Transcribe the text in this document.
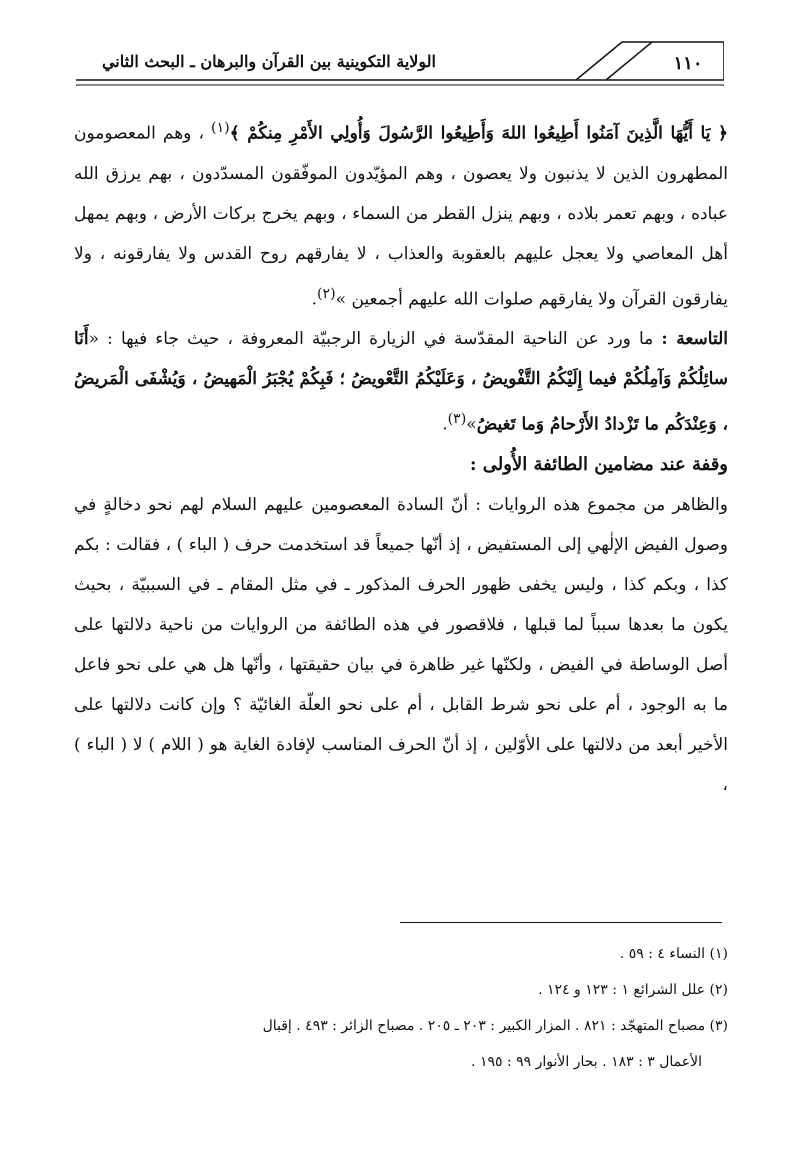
الولاية التكوينية بين القرآن والبرهان ـ البحث الثاني	١١٠

﴿ يَا أَيُّهَا الَّذِينَ آمَنُوا أَطِيعُوا اللهَ وَأَطِيعُوا الرَّسُولَ وَأُولِي الأَمْرِ مِنكُمْ ﴾$^{(١)}$ ، وهم المعصومون المطهرون الذين لا يذنبون ولا يعصون ، وهم المؤيّدون الموفّقون المسدّدون ، بهم يرزق الله عباده ، وبهم تعمر بلاده ، وبهم ينزل القطر من السماء ، وبهم يخرج بركات الأرض ، وبهم يمهل أهل المعاصي ولا يعجل عليهم بالعقوبة والعذاب ، لا يفارقهم روح القدس ولا يفارقونه ، ولا يفارقون القرآن ولا يفارقهم صلوات الله عليهم أجمعين »$^{(٢)}$.

التاسعة : ما ورد عن الناحية المقدّسة في الزيارة الرجبيّة المعروفة ، حيث جاء فيها : «أَنَا سائِلُكُمْ وَآمِلُكُمْ فيما إِلَيْكُمُ التَّفْويضُ ، وَعَلَيْكُمُ التَّعْويضُ ؛ فَبِكُمْ يُجْبَرُ الْمَهيضُ ، وَيُشْفَى الْمَريضُ ، وَعِنْدَكُم ما تَزْدادُ الأَرْحامُ وَما تَغيضُ»$^{(٣)}$.

وقفة عند مضامين الطائفة الأُولى :

والظاهر من مجموع هذه الروايات : أنّ السادة المعصومين عليهم السلام لهم نحو دخالةٍ في وصول الفيض الإلٰهي إلى المستفيض ، إذ أنّها جميعاً قد استخدمت حرف ( الباء ) ، فقالت : بكم كذا ، وبكم كذا ، وليس يخفى ظهور الحرف المذكور ـ في مثل المقام ـ في السببيّة ، بحيث يكون ما بعدها سبباً لما قبلها ، فلاقصور في هذه الطائفة من الروايات من ناحية دلالتها على أصل الوساطة في الفيض ، ولكنّها غير ظاهرة في بيان حقيقتها ، وأنّها هل هي على نحو فاعل ما به الوجود ، أم على نحو شرط القابل ، أم على نحو العلّة الغائيّة ؟ وإن كانت دلالتها على الأخير أبعد من دلالتها على الأوّلين ، إذ أنّ الحرف المناسب لإفادة الغاية هو ( اللام ) لا ( الباء ) ،

(١) النساء ٤ : ٥٩ .

(٢) علل الشرائع ١ : ١٢٣ و ١٢٤ .

(٣) مصباح المتهجّد : ٨٢١ . المزار الكبير : ٢٠٣ ـ ٢٠٥ . مصباح الزائر : ٤٩٣ . إقبال

الأعمال ٣ : ١٨٣ . بحار الأنوار ٩٩ : ١٩٥ .
